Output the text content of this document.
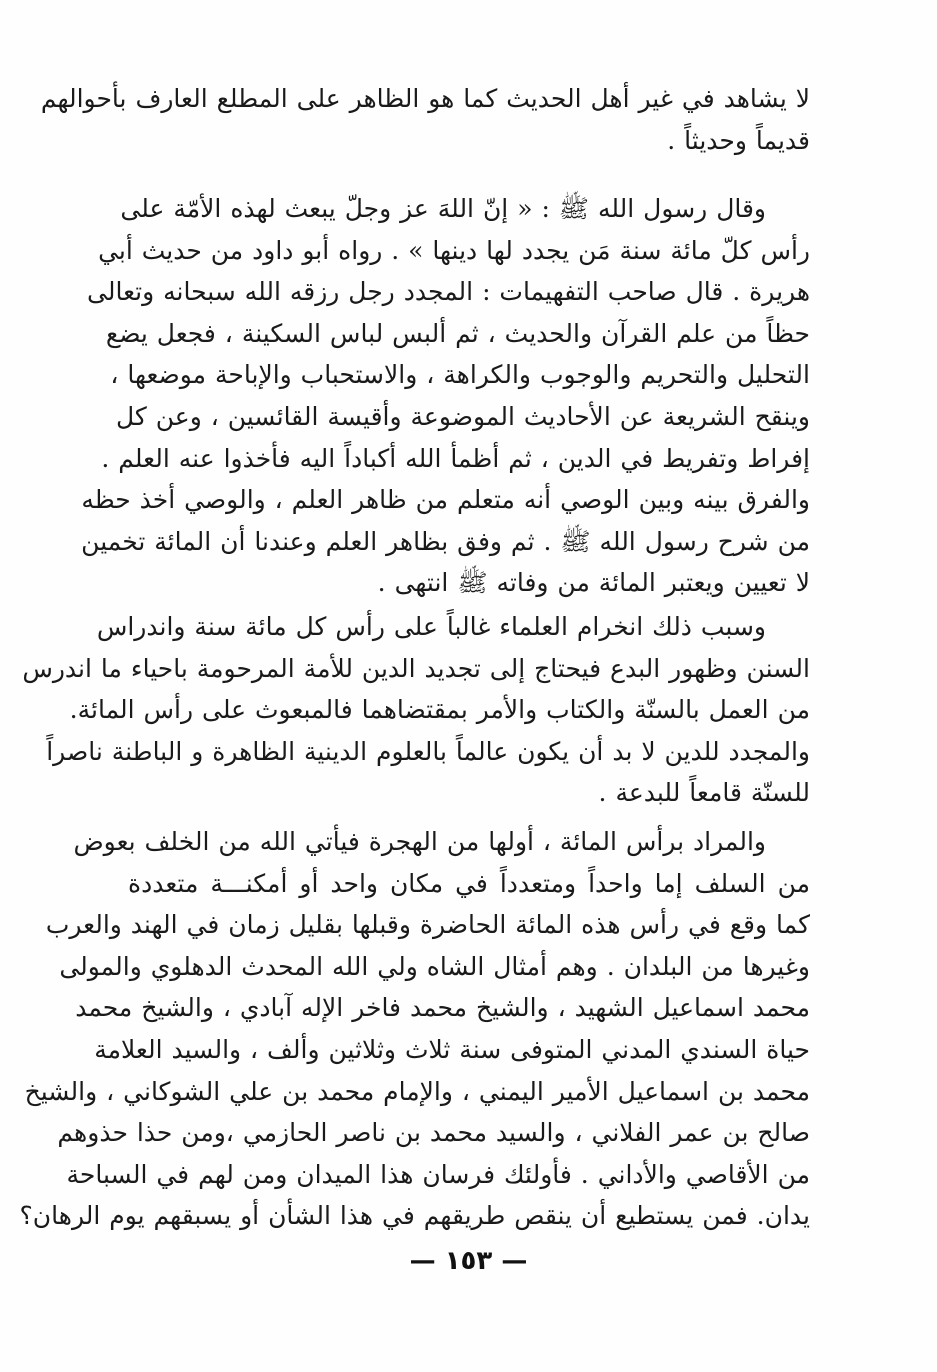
لا يشاهد في غير أهل الحديث كما هو الظاهر على المطلع العارف بأحوالهم
قديماً وحديثاً .
وقال رسول الله ﷺ : « إنّ اللهَ عز وجلّ يبعث لهذه الأمّة على
رأس كلّ مائة سنة مَن يجدد لها دينها » . رواه أبو داود من حديث أبي
هريرة . قال صاحب التفهيمات : المجدد رجل رزقه الله سبحانه وتعالى
حظاً من علم القرآن والحديث ، ثم ألبس لباس السكينة ، فجعل يضع
التحليل والتحريم والوجوب والكراهة ، والاستحباب والإباحة موضعها ،
وينقح الشريعة عن الأحاديث الموضوعة وأقيسة القائسين ، وعن كل
إفراط وتفريط في الدين ، ثم أظمأ الله أكباداً اليه فأخذوا عنه العلم .
والفرق بينه وبين الوصي أنه متعلم من ظاهر العلم ، والوصي أخذ حظه
من شرح رسول الله ﷺ . ثم وفق بظاهر العلم وعندنا أن المائة تخمين
لا تعيين ويعتبر المائة من وفاته ﷺ انتهى .
وسبب ذلك انخرام العلماء غالباً على رأس كل مائة سنة واندراس
السنن وظهور البدع فيحتاج إلى تجديد الدين للأمة المرحومة باحياء ما اندرس
من العمل بالسنّة والكتاب والأمر بمقتضاهما فالمبعوث على رأس المائة.
والمجدد للدين لا بد أن يكون عالماً بالعلوم الدينية الظاهرة و الباطنة ناصراً
للسنّة قامعاً للبدعة .
والمراد برأس المائة ، أولها من الهجرة فيأتي الله من الخلف بعوض
من السلف إما واحداً ومتعدداً في مكان واحد أو أمكنـــة متعددة
كما وقع في رأس هذه المائة الحاضرة وقبلها بقليل زمان في الهند والعرب
وغيرها من البلدان . وهم أمثال الشاه ولي الله المحدث الدهلوي والمولى
محمد اسماعيل الشهيد ، والشيخ محمد فاخر الإله آبادي ، والشيخ محمد
حياة السندي المدني المتوفى سنة ثلاث وثلاثين وألف ، والسيد العلامة
محمد بن اسماعيل الأمير اليمني ، والإمام محمد بن علي الشوكاني ، والشيخ
صالح بن عمر الفلاني ، والسيد محمد بن ناصر الحازمي ،ومن حذا حذوهم
من الأقاصي والأداني . فأولئك فرسان هذا الميدان ومن لهم في السباحة
يدان. فمن يستطيع أن ينقص طريقهم في هذا الشأن أو يسبقهم يوم الرهان؟
— ١٥٣ —
